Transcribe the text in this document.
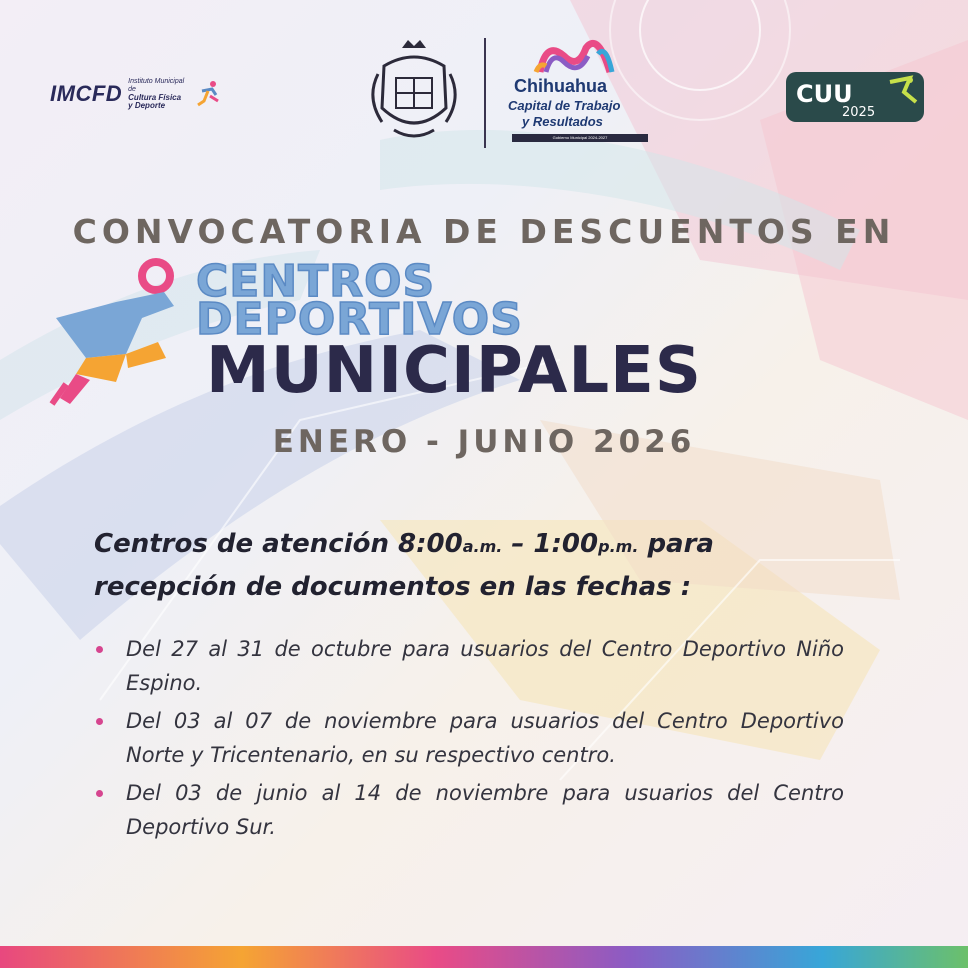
IMCFD Instituto Municipal de
Cultura Física
y Deporte
Chihuahua
Capital de Trabajo
y Resultados
Gobierno Municipal 2024-2027
CUU
2025
CONVOCATORIA DE DESCUENTOS EN
CENTROS
DEPORTIVOS
MUNICIPALES
ENERO - JUNIO 2026
Centros de atención 8:00a.m. – 1:00p.m. para recepción de documentos en las fechas :
Del 27 al 31 de octubre para usuarios del Centro Deportivo Niño Espino.
Del 03 al 07 de noviembre para usuarios del Centro Deportivo Norte y Tricentenario, en su respectivo centro.
Del 03 de junio al 14 de noviembre para usuarios del Centro Deportivo Sur.
